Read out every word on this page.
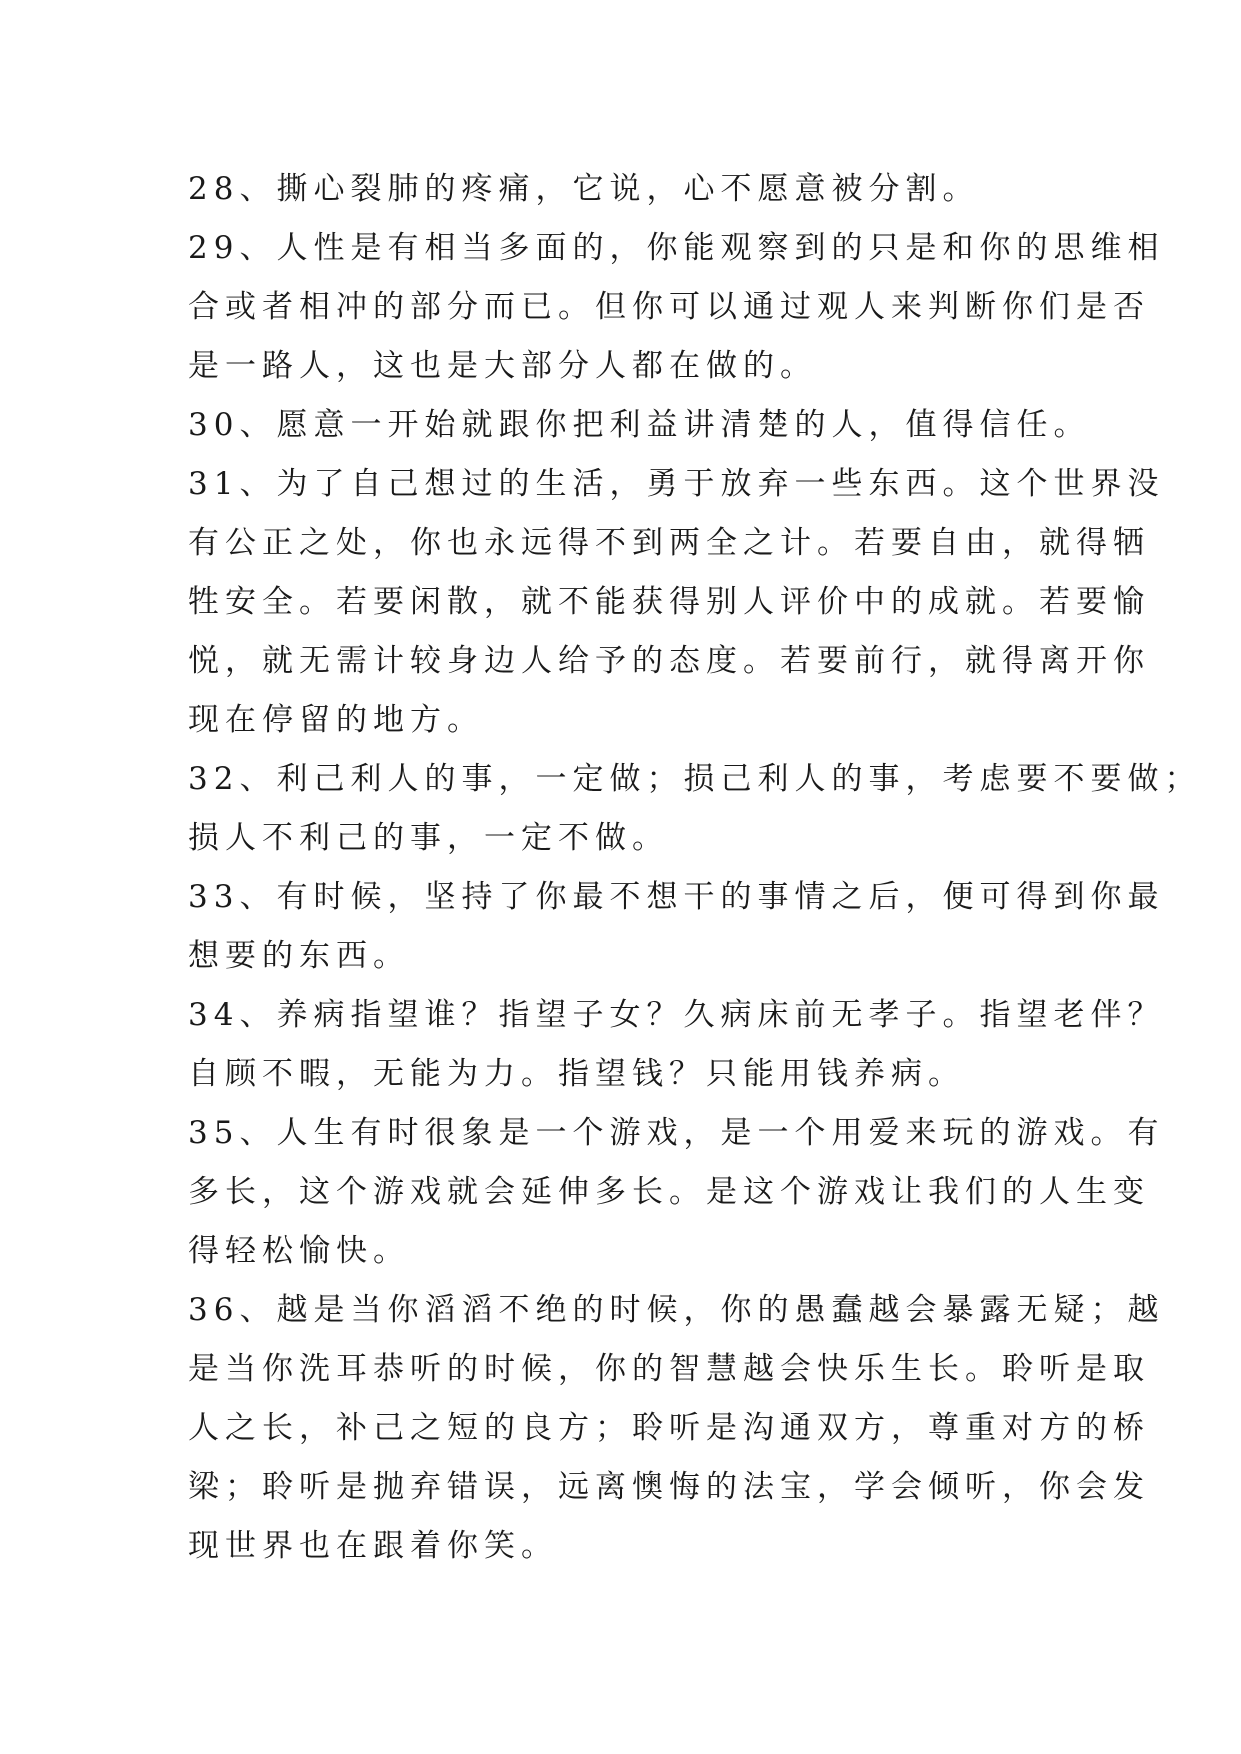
28、撕心裂肺的疼痛，它说，心不愿意被分割。
29、人性是有相当多面的，你能观察到的只是和你的思维相
合或者相冲的部分而已。但你可以通过观人来判断你们是否
是一路人，这也是大部分人都在做的。
30、愿意一开始就跟你把利益讲清楚的人，值得信任。
31、为了自己想过的生活，勇于放弃一些东西。这个世界没
有公正之处，你也永远得不到两全之计。若要自由，就得牺
牲安全。若要闲散，就不能获得别人评价中的成就。若要愉
悦，就无需计较身边人给予的态度。若要前行，就得离开你
现在停留的地方。
32、利己利人的事，一定做；损己利人的事，考虑要不要做；
损人不利己的事，一定不做。
33、有时候，坚持了你最不想干的事情之后，便可得到你最
想要的东西。
34、养病指望谁？指望子女？久病床前无孝子。指望老伴？
自顾不暇，无能为力。指望钱？只能用钱养病。
35、人生有时很象是一个游戏，是一个用爱来玩的游戏。有
多长，这个游戏就会延伸多长。是这个游戏让我们的人生变
得轻松愉快。
36、越是当你滔滔不绝的时候，你的愚蠢越会暴露无疑；越
是当你洗耳恭听的时候，你的智慧越会快乐生长。聆听是取
人之长，补己之短的良方；聆听是沟通双方，尊重对方的桥
梁；聆听是抛弃错误，远离懊悔的法宝，学会倾听，你会发
现世界也在跟着你笑。
